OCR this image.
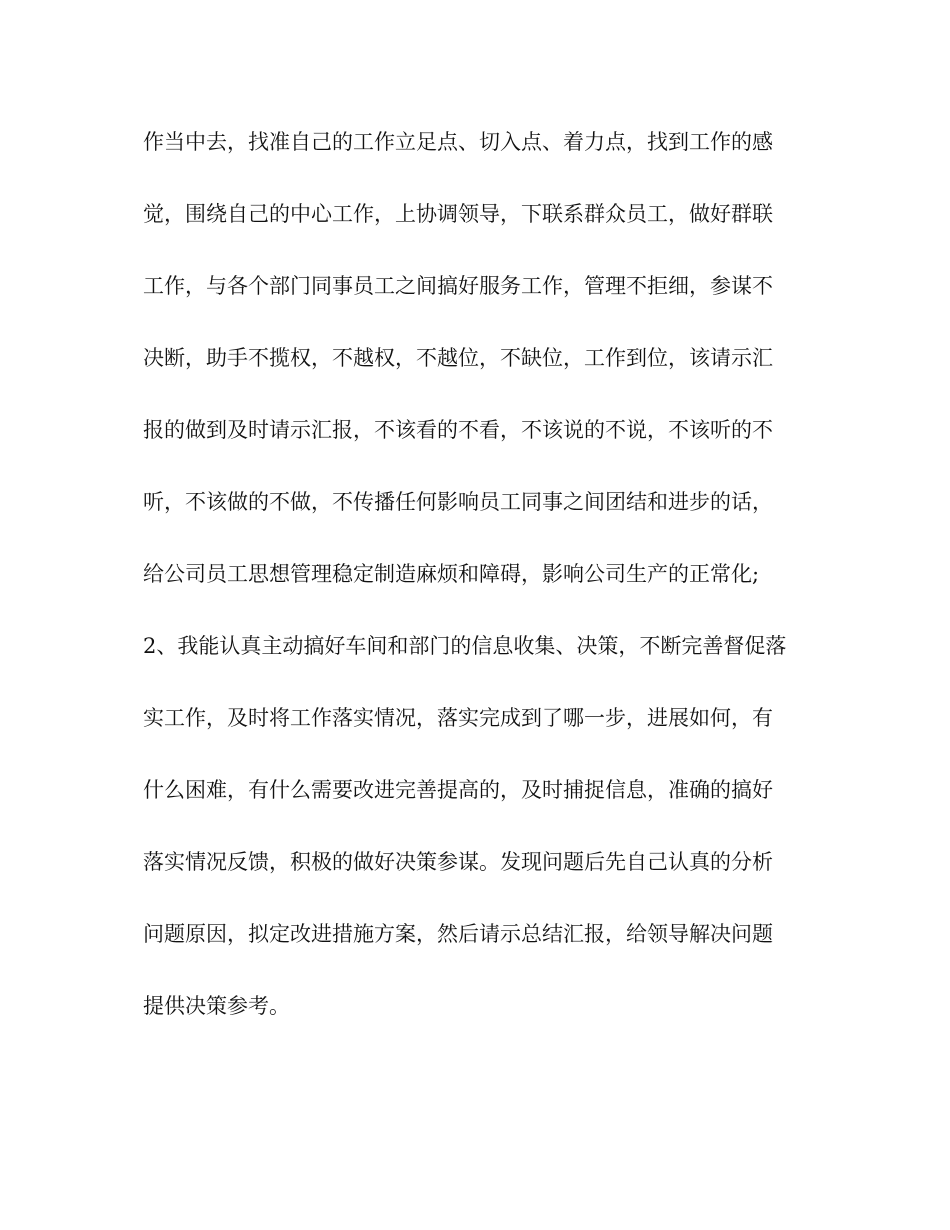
作当中去，找准自己的工作立足点、切入点、着力点，找到工作的感
觉，围绕自己的中心工作，上协调领导，下联系群众员工，做好群联
工作，与各个部门同事员工之间搞好服务工作，管理不拒细，参谋不
决断，助手不揽权，不越权，不越位，不缺位，工作到位，该请示汇
报的做到及时请示汇报，不该看的不看，不该说的不说，不该听的不
听，不该做的不做，不传播任何影响员工同事之间团结和进步的话，
给公司员工思想管理稳定制造麻烦和障碍，影响公司生产的正常化;
2、我能认真主动搞好车间和部门的信息收集、决策，不断完善督促落
实工作，及时将工作落实情况，落实完成到了哪一步，进展如何，有
什么困难，有什么需要改进完善提高的，及时捕捉信息，准确的搞好
落实情况反馈，积极的做好决策参谋。发现问题后先自己认真的分析
问题原因，拟定改进措施方案，然后请示总结汇报，给领导解决问题
提供决策参考。
